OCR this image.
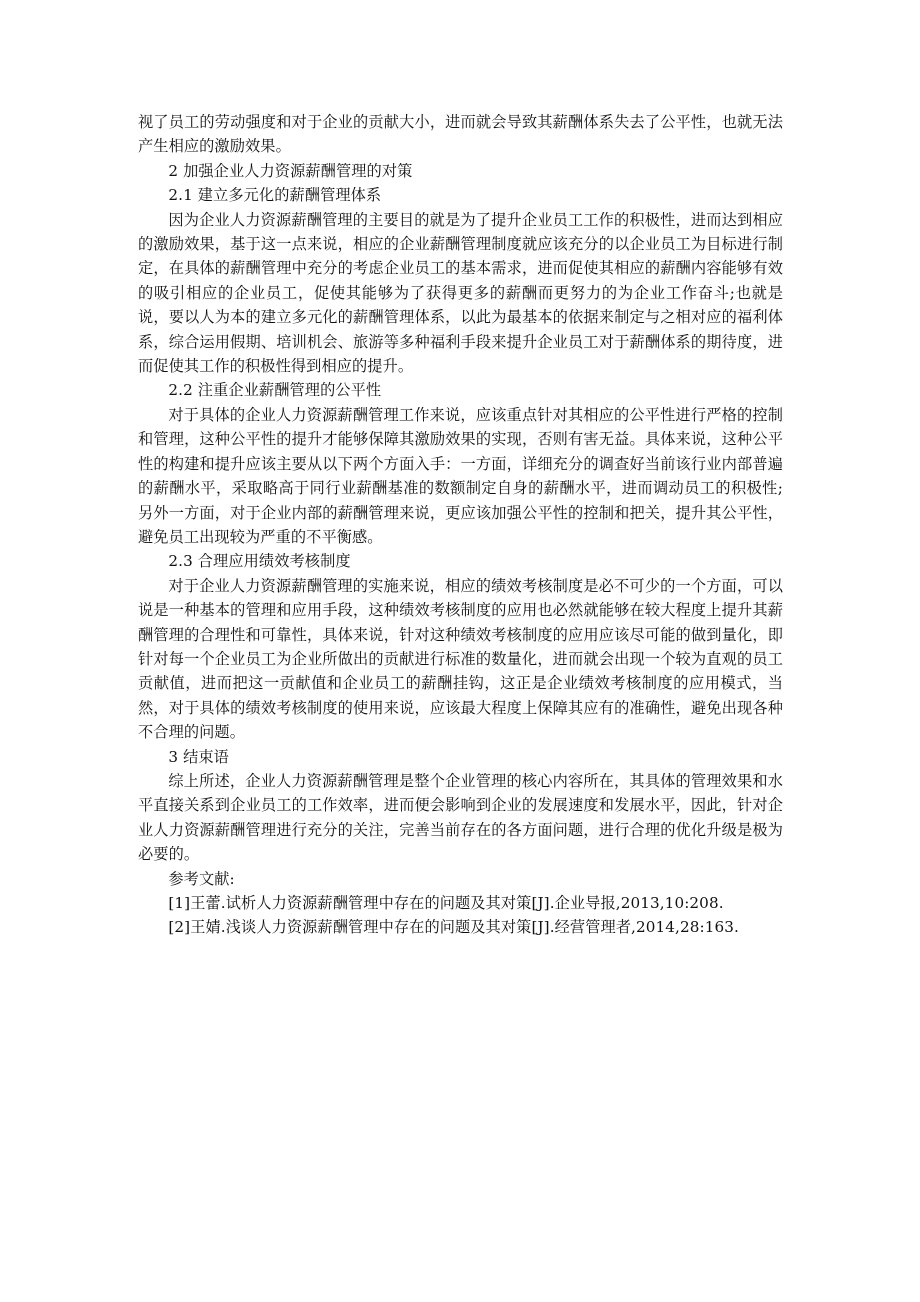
视了员工的劳动强度和对于企业的贡献大小，进而就会导致其薪酬体系失去了公平性，也就无法产生相应的激励效果。

2 加强企业人力资源薪酬管理的对策

2.1 建立多元化的薪酬管理体系

因为企业人力资源薪酬管理的主要目的就是为了提升企业员工工作的积极性，进而达到相应的激励效果，基于这一点来说，相应的企业薪酬管理制度就应该充分的以企业员工为目标进行制定，在具体的薪酬管理中充分的考虑企业员工的基本需求，进而促使其相应的薪酬内容能够有效的吸引相应的企业员工，促使其能够为了获得更多的薪酬而更努力的为企业工作奋斗;也就是说，要以人为本的建立多元化的薪酬管理体系，以此为最基本的依据来制定与之相对应的福利体系，综合运用假期、培训机会、旅游等多种福利手段来提升企业员工对于薪酬体系的期待度，进而促使其工作的积极性得到相应的提升。

2.2 注重企业薪酬管理的公平性

对于具体的企业人力资源薪酬管理工作来说，应该重点针对其相应的公平性进行严格的控制和管理，这种公平性的提升才能够保障其激励效果的实现，否则有害无益。具体来说，这种公平性的构建和提升应该主要从以下两个方面入手：一方面，详细充分的调查好当前该行业内部普遍的薪酬水平，采取略高于同行业薪酬基准的数额制定自身的薪酬水平，进而调动员工的积极性;另外一方面，对于企业内部的薪酬管理来说，更应该加强公平性的控制和把关，提升其公平性，避免员工出现较为严重的不平衡感。

2.3 合理应用绩效考核制度

对于企业人力资源薪酬管理的实施来说，相应的绩效考核制度是必不可少的一个方面，可以说是一种基本的管理和应用手段，这种绩效考核制度的应用也必然就能够在较大程度上提升其薪酬管理的合理性和可靠性，具体来说，针对这种绩效考核制度的应用应该尽可能的做到量化，即针对每一个企业员工为企业所做出的贡献进行标准的数量化，进而就会出现一个较为直观的员工贡献值，进而把这一贡献值和企业员工的薪酬挂钩，这正是企业绩效考核制度的应用模式，当然，对于具体的绩效考核制度的使用来说，应该最大程度上保障其应有的准确性，避免出现各种不合理的问题。

3 结束语

综上所述，企业人力资源薪酬管理是整个企业管理的核心内容所在，其具体的管理效果和水平直接关系到企业员工的工作效率，进而便会影响到企业的发展速度和发展水平，因此，针对企业人力资源薪酬管理进行充分的关注，完善当前存在的各方面问题，进行合理的优化升级是极为必要的。

参考文献:

[1]王蕾.试析人力资源薪酬管理中存在的问题及其对策[J].企业导报,2013,10:208.

[2]王婧.浅谈人力资源薪酬管理中存在的问题及其对策[J].经营管理者,2014,28:163.
